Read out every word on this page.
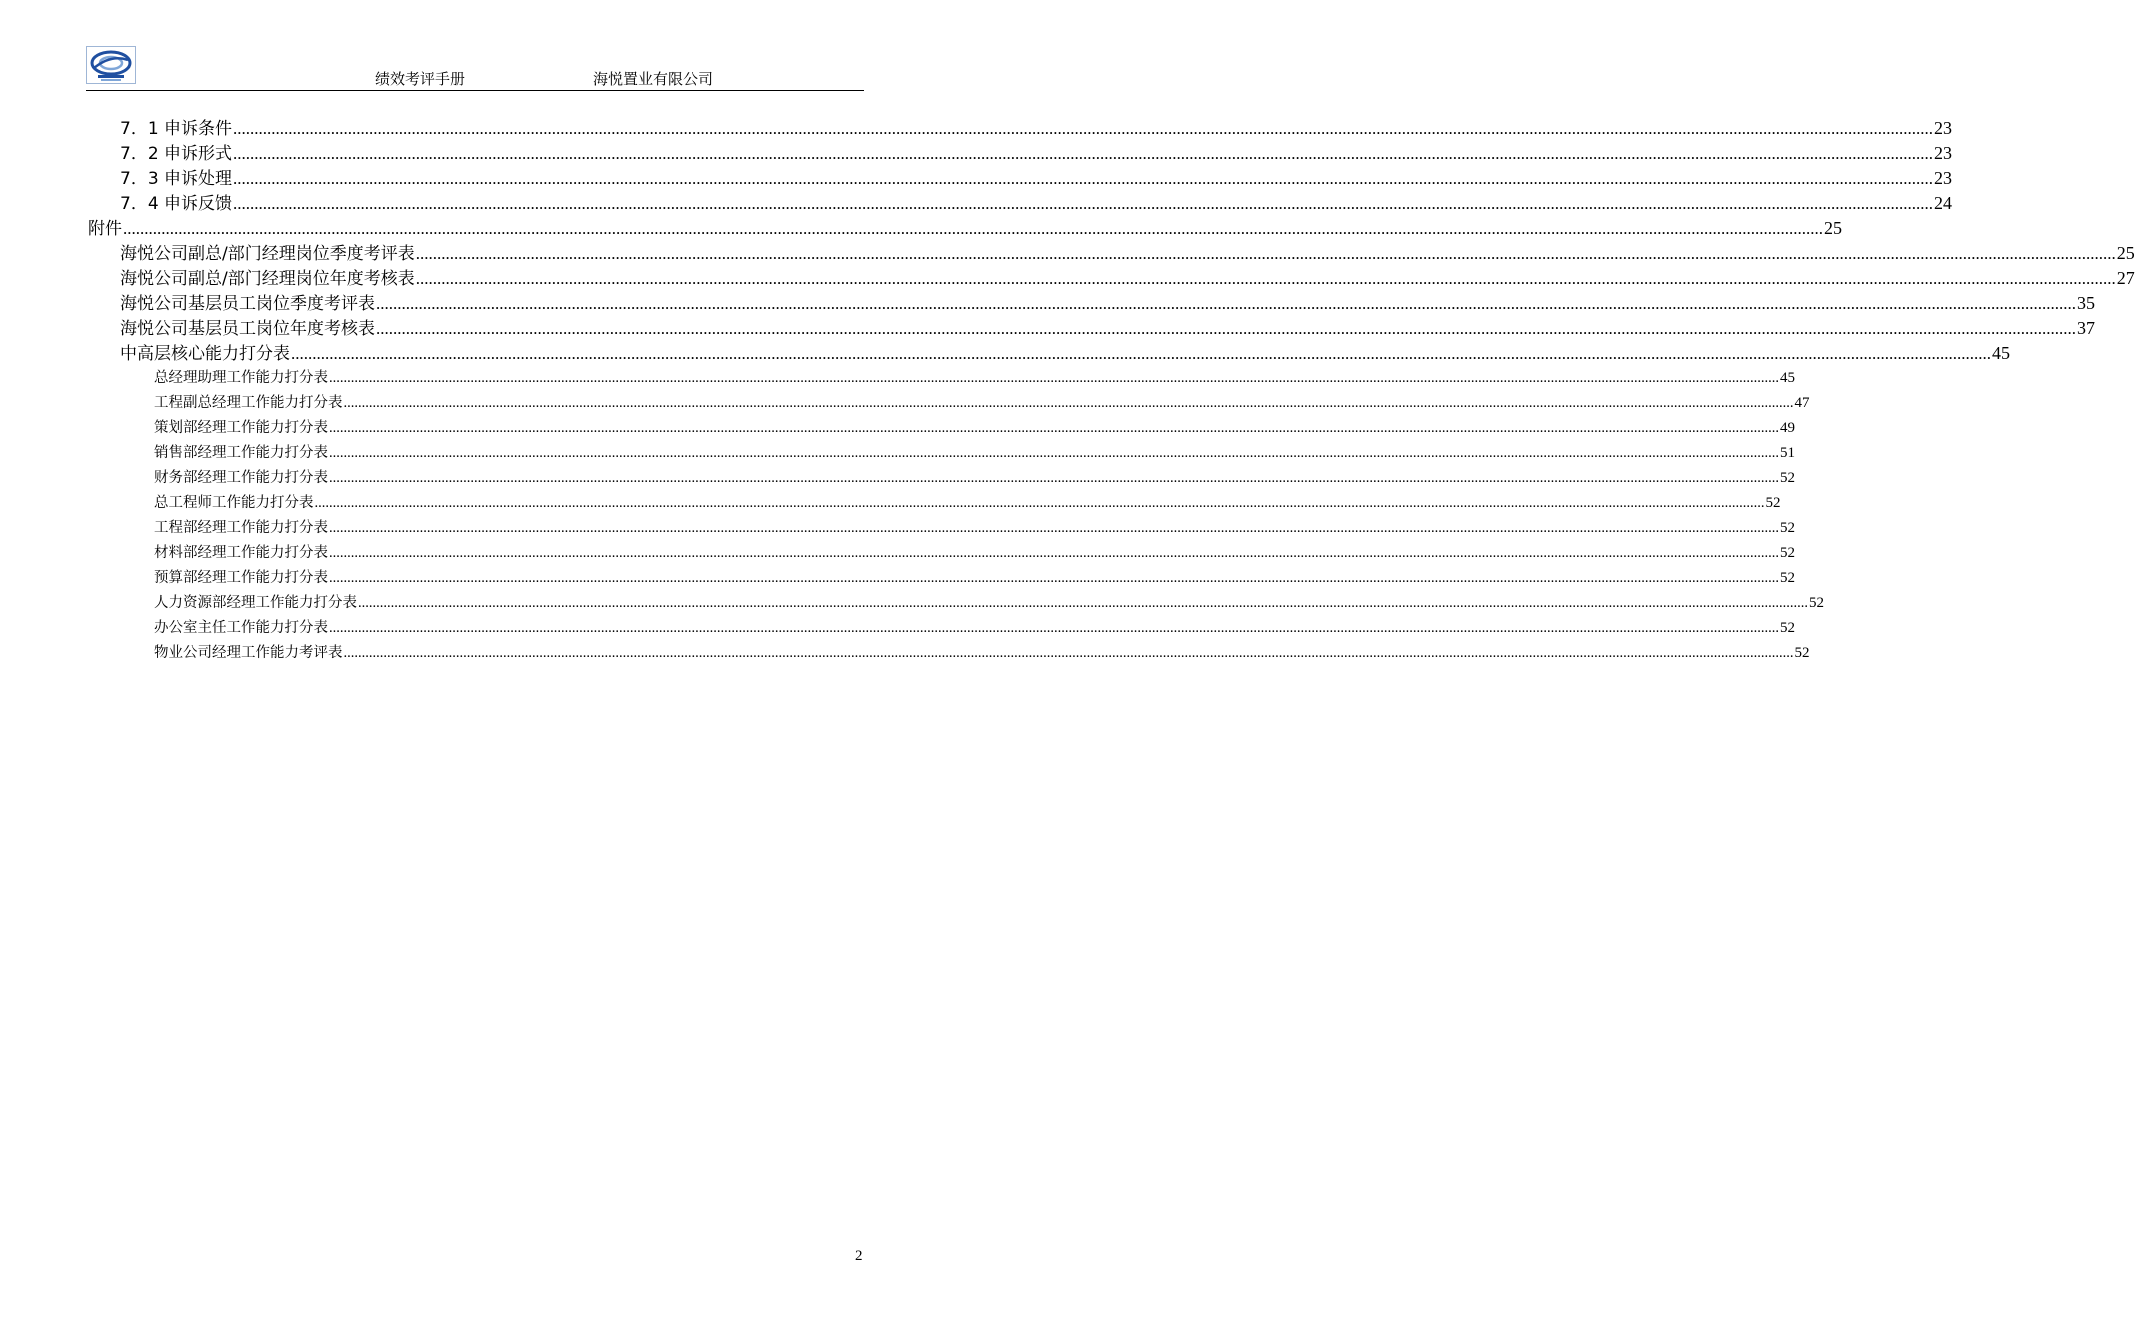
绩效考评手册	海悦置业有限公司
7．1 申诉条件 ................................................................................................................................................................................................................................................................................................................................................................................................................ 23
7．2 申诉形式 ................................................................................................................................................................................................................................................................................................................................................................................................................ 23
7．3 申诉处理 ................................................................................................................................................................................................................................................................................................................................................................................................................ 23
7．4 申诉反馈 ................................................................................................................................................................................................................................................................................................................................................................................................................ 24
附件 ................................................................................................................................................................................................................................................................................................................................................................................................................ 25
海悦公司副总/部门经理岗位季度考评表 ................................................................................................................................................................................................................................................................................................................................................................................................................ 25
海悦公司副总/部门经理岗位年度考核表 ................................................................................................................................................................................................................................................................................................................................................................................................................ 27
海悦公司基层员工岗位季度考评表 ................................................................................................................................................................................................................................................................................................................................................................................................................ 35
海悦公司基层员工岗位年度考核表 ................................................................................................................................................................................................................................................................................................................................................................................................................ 37
中高层核心能力打分表 ................................................................................................................................................................................................................................................................................................................................................................................................................ 45
总经理助理工作能力打分表 ................................................................................................................................................................................................................................................................................................................................................................................................................ 45
工程副总经理工作能力打分表 ................................................................................................................................................................................................................................................................................................................................................................................................................ 47
策划部经理工作能力打分表 ................................................................................................................................................................................................................................................................................................................................................................................................................ 49
销售部经理工作能力打分表 ................................................................................................................................................................................................................................................................................................................................................................................................................ 51
财务部经理工作能力打分表 ................................................................................................................................................................................................................................................................................................................................................................................................................ 52
总工程师工作能力打分表 ................................................................................................................................................................................................................................................................................................................................................................................................................ 52
工程部经理工作能力打分表 ................................................................................................................................................................................................................................................................................................................................................................................................................ 52
材料部经理工作能力打分表 ................................................................................................................................................................................................................................................................................................................................................................................................................ 52
预算部经理工作能力打分表 ................................................................................................................................................................................................................................................................................................................................................................................................................ 52
人力资源部经理工作能力打分表 ................................................................................................................................................................................................................................................................................................................................................................................................................ 52
办公室主任工作能力打分表 ................................................................................................................................................................................................................................................................................................................................................................................................................ 52
物业公司经理工作能力考评表 ................................................................................................................................................................................................................................................................................................................................................................................................................ 52
2
